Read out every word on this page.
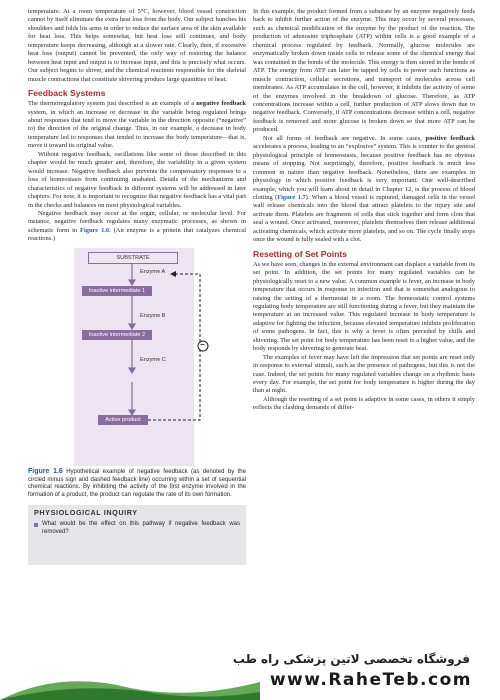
temperature. At a room temperature of 5°C, however, blood vessel constriction cannot by itself eliminate the extra heat loss from the body. Our subject hunches his shoulders and folds his arms in order to reduce the surface area of the skin available for heat loss. This helps somewhat, but heat loss still continues, and body temperature keeps decreasing, although at a slower rate. Clearly, then, if excessive heat loss (output) cannot be prevented, the only way of restoring the balance between heat input and output is to increase input, and this is precisely what occurs. Our subject begins to shiver, and the chemical reactions responsible for the skeletal muscle contractions that constitute shivering produce large quantities of heat.

Feedback Systems

The thermoregulatory system just described is an example of a negative feedback system, in which an increase or decrease in the variable being regulated brings about responses that tend to move the variable in the direction opposite (“negative” to) the direction of the original change. Thus, in our example, a decrease in body temperature led to responses that tended to increase the body temperature—that is, move it toward its original value.

Without negative feedback, oscillations like some of those described in this chapter would be much greater and, therefore, the variability in a given system would increase. Negative feedback also prevents the compensatory responses to a loss of homeostasis from continuing unabated. Details of the mechanisms and characteristics of negative feedback in different systems will be addressed in later chapters. For now, it is important to recognize that negative feedback has a vital part in the checks and balances on most physiological variables.

Negative feedback may occur at the organ, cellular, or molecular level. For instance, negative feedback regulates many enzymatic processes, as shown in schematic form in Figure 1.6. (An enzyme is a protein that catalyzes chemical reactions.)

SUBSTRATE
Enzyme A
Inactive intermediate 1
Enzyme B
Inactive intermediate 2
Enzyme C
Active product
−
Figure 1.6 Hypothetical example of negative feedback (as denoted by the circled minus sign and dashed feedback line) occurring within a set of sequential chemical reactions. By inhibiting the activity of the first enzyme involved in the formation of a product, the product can regulate the rate of its own formation.
PHYSIOLOGICAL INQUIRY
What would be the effect on this pathway if negative feedback was removed?

In this example, the product formed from a substrate by an enzyme negatively feeds back to inhibit further action of the enzyme. This may occur by several processes, such as chemical modification of the enzyme by the product of the reaction. The production of adenosine triphosphate (ATP) within cells is a good example of a chemical process regulated by feedback. Normally, glucose molecules are enzymatically broken down inside cells to release some of the chemical energy that was contained in the bonds of the molecule. This energy is then stored in the bonds of ATP. The energy from ATP can later be tapped by cells to power such functions as muscle contraction, cellular secretions, and transport of molecules across cell membranes. As ATP accumulates in the cell, however, it inhibits the activity of some of the enzymes involved in the breakdown of glucose. Therefore, as ATP concentrations increase within a cell, further production of ATP slows down due to negative feedback. Conversely, if ATP concentrations decrease within a cell, negative feedback is removed and more glucose is broken down so that more ATP can be produced.

Not all forms of feedback are negative. In some cases, positive feedback accelerates a process, leading to an “explosive” system. This is counter to the general physiological principle of homeostasis, because positive feedback has no obvious means of stopping. Not surprisingly, therefore, positive feedback is much less common in nature than negative feedback. Nonetheless, there are examples in physiology in which positive feedback is very important. One well-described example, which you will learn about in detail in Chapter 12, is the process of blood clotting (Figure 1.7). When a blood vessel is ruptured, damaged cells in the vessel wall release chemicals into the blood that attract platelets to the injury site and activate them. Platelets are fragments of cells that stick together and form clots that seal a wound. Once activated, moreover, platelets themselves then release additional activating chemicals, which activate more platelets, and so on. The cycle finally stops once the wound is fully sealed with a clot.

Resetting of Set Points

As we have seen, changes in the external environment can displace a variable from its set point. In addition, the set points for many regulated variables can be physiologically reset to a new value. A common example is fever, an increase in body temperature that occurs in response to infection and that is somewhat analogous to raising the setting of a thermostat in a room. The homeostatic control systems regulating body temperature are still functioning during a fever, but they maintain the temperature at an increased value. This regulated increase in body temperature is adaptive for fighting the infection, because elevated temperature inhibits proliferation of some pathogens. In fact, this is why a fever is often preceded by chills and shivering. The set point for body temperature has been reset to a higher value, and the body responds by shivering to generate heat.

The examples of fever may have left the impression that set points are reset only in response to external stimuli, such as the presence of pathogens, but this is not the case. Indeed, the set points for many regulated variables change on a rhythmic basis every day. For example, the set point for body temperature is higher during the day than at night.

Although the resetting of a set point is adaptive in some cases, in others it simply reflects the clashing demands of differ-

فروشگاه تخصصی لاتین پزشکی راه طب
www.RaheTeb.com
